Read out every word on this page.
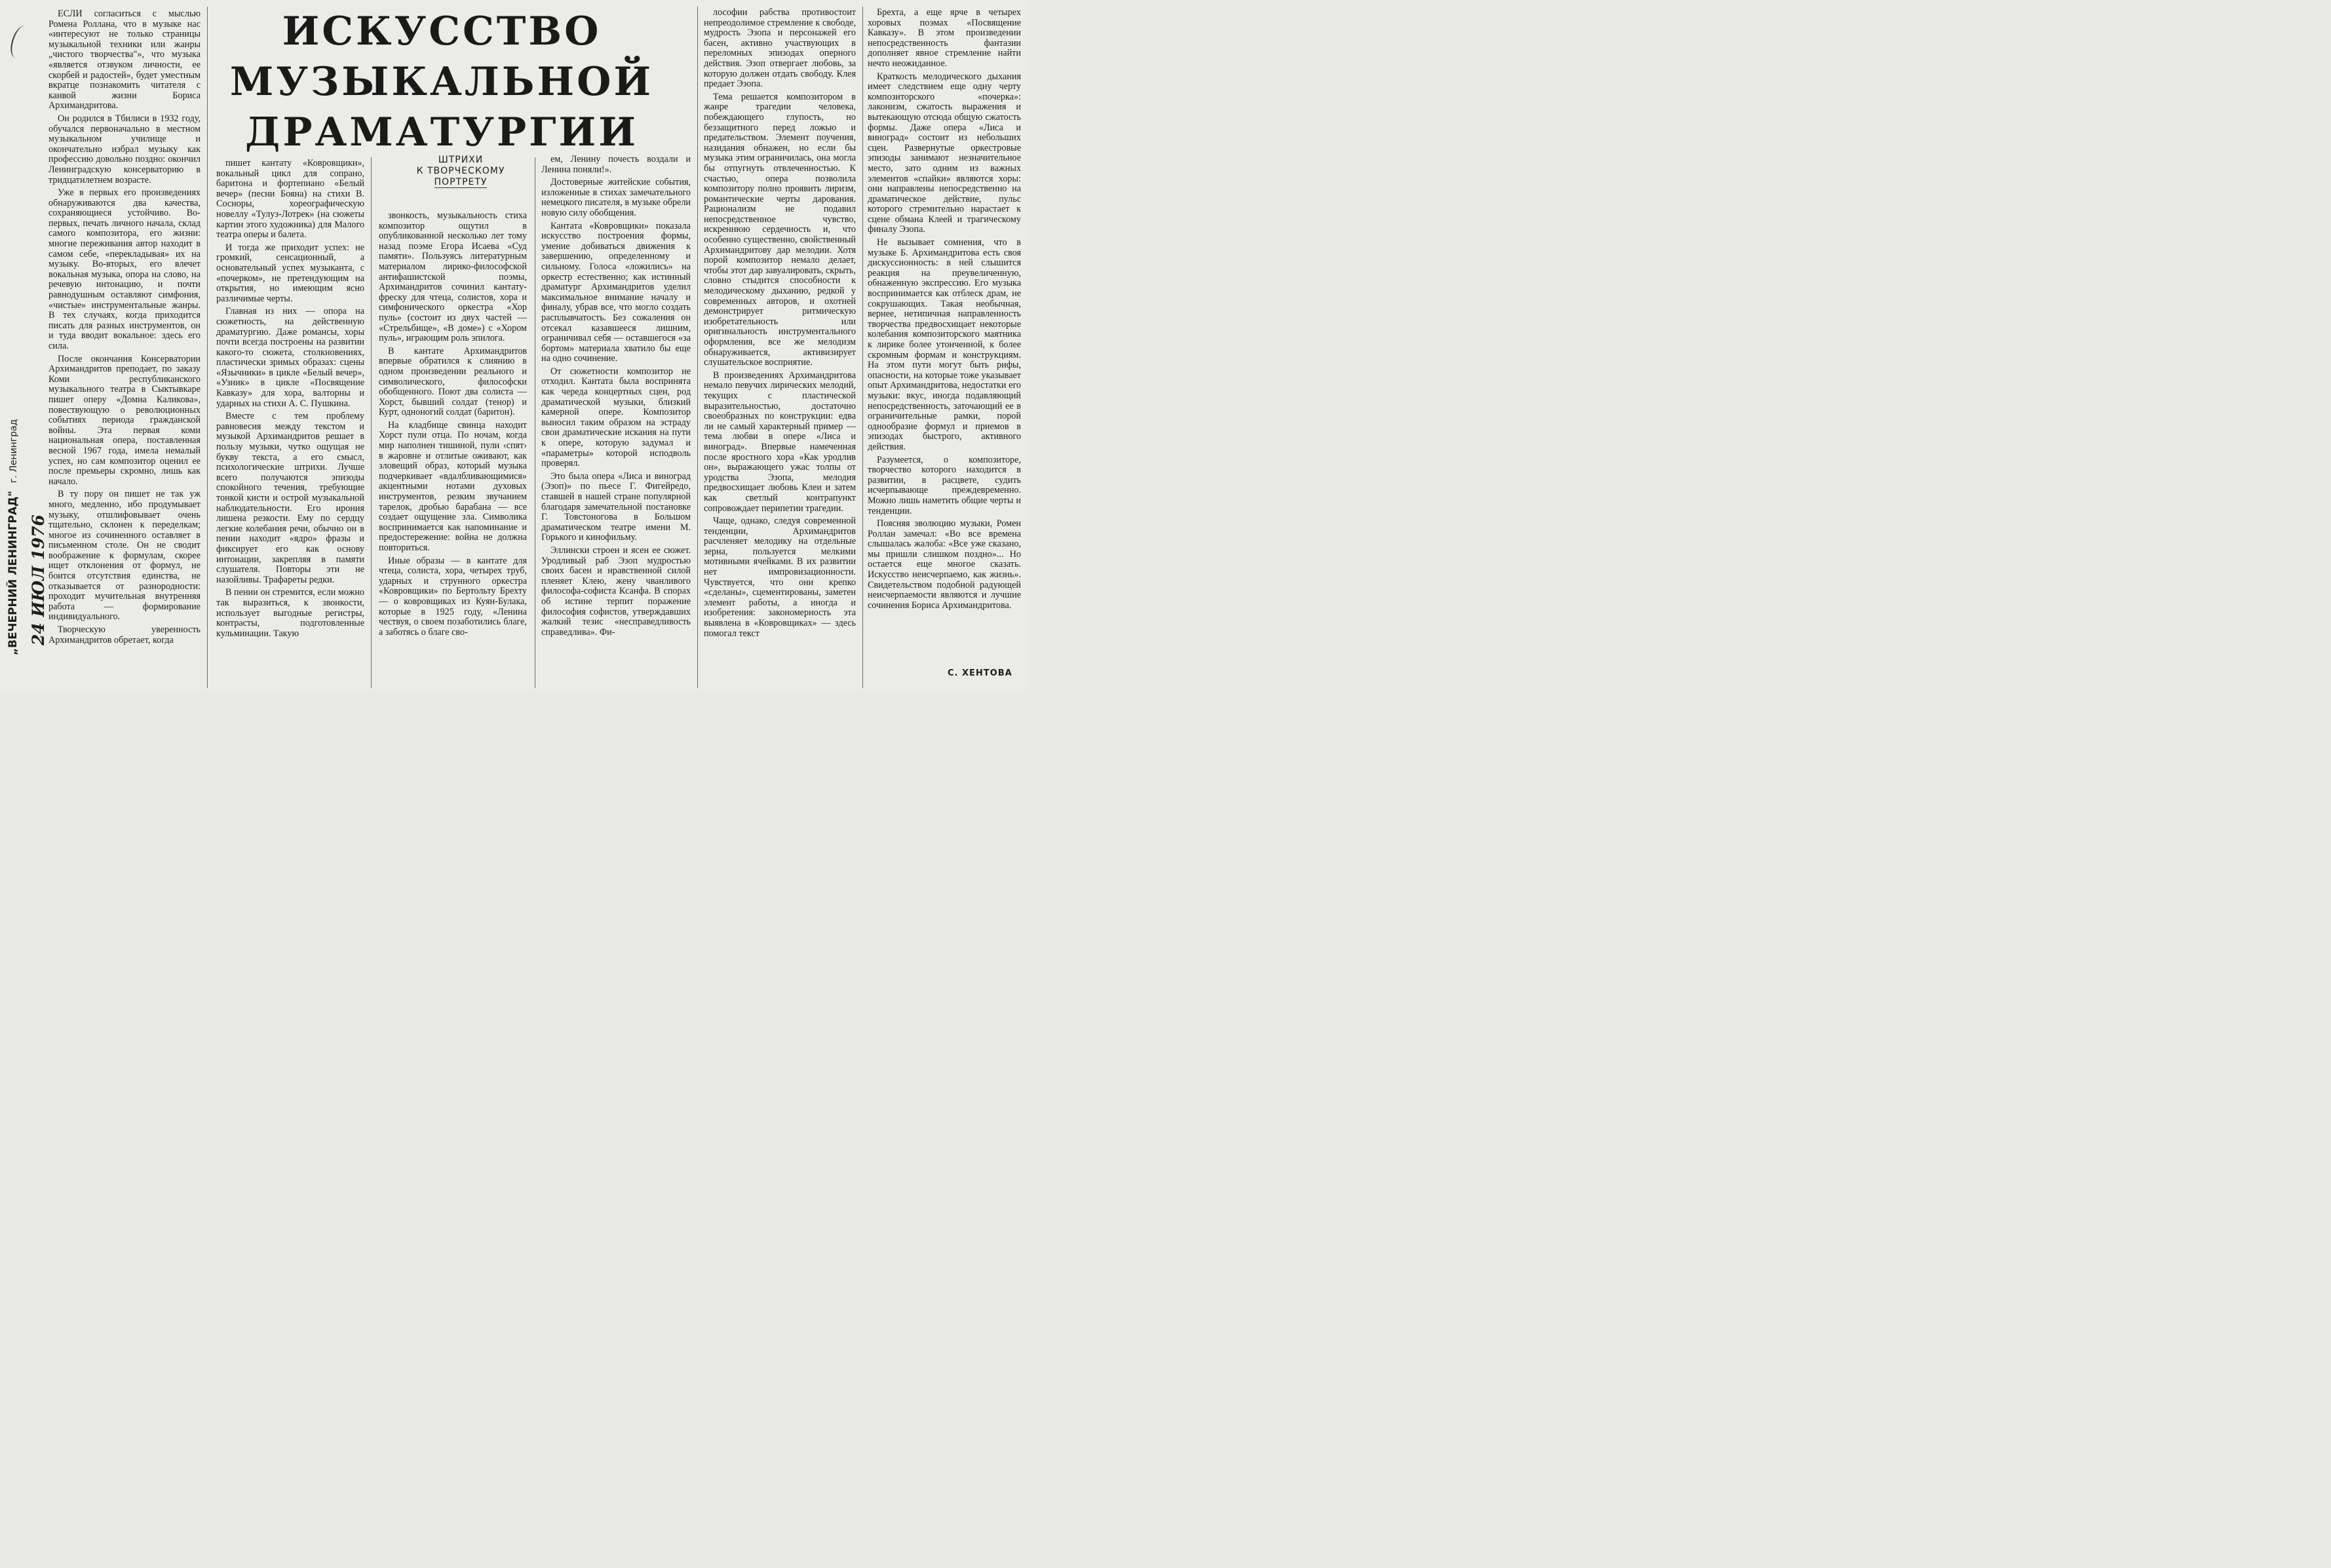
„ВЕЧЕРНИЙ ЛЕНИНГРАД" г. Ленинград
24 ИЮЛ 1976

ЕСЛИ согласиться с мыслью Ромена Роллана, что в музыке нас «интересуют не только страницы музыкальной техники или жанры „чистого творчества"», что музыка «является отзвуком личности, ее скорбей и радостей», будет уместным вкратце познакомить читателя с канвой жизни Бориса Архимандритова.

Он родился в Тбилиси в 1932 году, обучался первоначально в местном музыкальном училище и окончательно избрал музыку как профессию довольно поздно: окончил Ленинградскую консерваторию в тридцатилетнем возрасте.

Уже в первых его произведениях обнаруживаются два качества, сохраняющиеся устойчиво. Во-первых, печать личного начала, склад самого композитора, его жизни: многие переживания автор находит в самом себе, «перекладывая» их на музыку. Во-вторых, его влечет вокальная музыка, опора на слово, на речевую интонацию, и почти равнодушным оставляют симфония, «чистые» инструментальные жанры. В тех случаях, когда приходится писать для разных инструментов, он и туда вводит вокальное: здесь его сила.

После окончания Консерватории Архимандритов преподает, по заказу Коми республиканского музыкального театра в Сыктывкаре пишет оперу «Домна Каликова», повествующую о революционных событиях периода гражданской войны. Эта первая коми национальная опера, поставленная весной 1967 года, имела немалый успех, но сам композитор оценил ее после премьеры скромно, лишь как начало.

В ту пору он пишет не так уж много, медленно, ибо продумывает музыку, отшлифовывает очень тщательно, склонен к переделкам; многое из сочиненного оставляет в письменном столе. Он не сводит воображение к формулам, скорее ищет отклонения от формул, не боится отсутствия единства, не отказывается от разнородности: проходит мучительная внутренняя работа — формирование индивидуального.

Творческую уверенность Архимандритов обретает, когда

ИСКУССТВО
МУЗЫКАЛЬНОЙ
ДРАМАТУРГИИ
ШТРИХИ
К ТВОРЧЕСКОМУ
ПОРТРЕТУ

пишет кантату «Ковровщики», вокальный цикл для сопрано, баритона и фортепиано «Белый вечер» (песни Бояна) на стихи В. Сосноры, хореографическую новеллу «Тулуз-Лотрек» (на сюжеты картин этого художника) для Малого театра оперы и балета.

И тогда же приходит успех: не громкий, сенсационный, а основательный успех музыканта, с «почерком», не претендующим на открытия, но имеющим ясно различимые черты.

Главная из них — опора на сюжетность, на действенную драматургию. Даже романсы, хоры почти всегда построены на развитии какого-то сюжета, столкновениях, пластически зримых образах: сцены «Язычники» в цикле «Белый вечер», «Узник» в цикле «Посвящение Кавказу» для хора, валторны и ударных на стихи А. С. Пушкина.

Вместе с тем проблему равновесия между текстом и музыкой Архимандритов решает в пользу музыки, чутко ощущая не букву текста, а его смысл, психологические штрихи. Лучше всего получаются эпизоды спокойного течения, требующие тонкой кисти и острой музыкальной наблюдательности. Его ирония лишена резкости. Ему по сердцу легкие колебания речи, обычно он в пении находит «ядро» фразы и фиксирует его как основу интонации, закрепляя в памяти слушателя. Повторы эти не назойливы. Трафареты редки.

В пении он стремится, если можно так выразиться, к звонкости, использует выгодные регистры, контрасты, подготовленные кульминации. Такую

звонкость, музыкальность стиха композитор ощутил в опубликованной несколько лет тому назад поэме Егора Исаева «Суд памяти». Пользуясь литературным материалом лирико-философской антифашистской поэмы, Архимандритов сочинил кантату-фреску для чтеца, солистов, хора и симфонического оркестра «Хор пуль» (состоит из двух частей — «Стрельбище», «В доме») с «Хором пуль», играющим роль эпилога.

В кантате Архимандритов впервые обратился к слиянию в одном произведении реального и символического, философски обобщенного. Поют два солиста — Хорст, бывший солдат (тенор) и Курт, одноногий солдат (баритон).

На кладбище свинца находит Хорст пули отца. По ночам, когда мир наполнен тишиной, пули ‹спят› в жаровне и отлитые оживают, как зловещий образ, который музыка подчеркивает «вдалбливающимися» акцентными нотами духовых инструментов, резким звучанием тарелок, дробью барабана — все создает ощущение зла. Символика воспринимается как напоминание и предостережение: война не должна повториться.

Иные образы — в кантате для чтеца, солиста, хора, четырех труб, ударных и струнного оркестра «Ковровщики» по Бертольту Брехту — о ковровщиках из Куян-Булака, которые в 1925 году, «Ленина чествуя, о своем позаботились благе, а заботясь о благе сво-

ем, Ленину почесть воздали и Ленина поняли!».

Достоверные житейские события, изложенные в стихах замечательного немецкого писателя, в музыке обрели новую силу обобщения.

Кантата «Ковровщики» показала искусство построения формы, умение добиваться движения к завершению, определенному и сильному. Голоса «ложились» на оркестр естественно; как истинный драматург Архимандритов уделил максимальное внимание началу и финалу, убрав все, что могло создать расплывчатость. Без сожаления он отсекал казавшееся лишним, ограничивал себя — оставшегося «за бортом» материала хватило бы еще на одно сочинение.

От сюжетности композитор не отходил. Кантата была воспринята как череда концертных сцен, род драматической музыки, близкий камерной опере. Композитор выносил таким образом на эстраду свои драматические искания на пути к опере, которую задумал и «параметры» которой исподволь проверял.

Это была опера «Лиса и виноград (Эзоп)» по пьесе Г. Фигейредо, ставшей в нашей стране популярной благодаря замечательной постановке Г. Товстоногова в Большом драматическом театре имени М. Горького и кинофильму.

Эллински строен и ясен ее сюжет. Уродливый раб Эзоп мудростью своих басен и нравственной силой пленяет Клею, жену чванливого философа-софиста Ксанфа. В спорах об истине терпит поражение философия софистов, утверждавших жалкий тезис «несправедливость справедлива». Фи-

лософии рабства противостоит непреодолимое стремление к свободе, мудрость Эзопа и персонажей его басен, активно участвующих в переломных эпизодах оперного действия. Эзоп отвергает любовь, за которую должен отдать свободу. Клея предает Эзопа.

Тема решается композитором в жанре трагедии человека, побеждающего глупость, но беззащитного перед ложью и предательством. Элемент поучения, назидания обнажен, но если бы музыка этим ограничилась, она могла бы отпугнуть отвлеченностью. К счастью, опера позволила композитору полно проявить лиризм, романтические черты дарования. Рационализм не подавил непосредственное чувство, искреннюю сердечность и, что особенно существенно, свойственный Архимандритову дар мелодии. Хотя порой композитор немало делает, чтобы этот дар завуалировать, скрыть, словно стыдится способности к мелодическому дыханию, редкой у современных авторов, и охотней демонстрирует ритмическую изобретательность или оригинальность инструментального оформления, все же мелодизм обнаруживается, активизирует слушательское восприятие.

В произведениях Архимандритова немало певучих лирических мелодий, текущих с пластической выразительностью, достаточно своеобразных по конструкции: едва ли не самый характерный пример — тема любви в опере «Лиса и виноград». Впервые намеченная после яростного хора «Как уродлив он», выражающего ужас толпы от уродства Эзопа, мелодия предвосхищает любовь Клеи и затем как светлый контрапункт сопровождает перипетии трагедии.

Чаще, однако, следуя современной тенденции, Архимандритов расчленяет мелодику на отдельные зерна, пользуется мелкими мотивными ячейками. В их развитии нет импровизационности. Чувствуется, что они крепко «сделаны», сцементированы, заметен элемент работы, а иногда и изобретения: закономерность эта выявлена в «Ковровщиках» — здесь помогал текст

Брехта, а еще ярче в четырех хоровых поэмах «Посвящение Кавказу». В этом произведении непосредственность фантазии дополняет явное стремление найти нечто неожиданное.

Краткость мелодического дыхания имеет следствием еще одну черту композиторского «почерка»: лаконизм, сжатость выражения и вытекающую отсюда общую сжатость формы. Даже опера «Лиса и виноград» состоит из небольших сцен. Развернутые оркестровые эпизоды занимают незначительное место, зато одним из важных элементов «спайки» являются хоры: они направлены непосредственно на драматическое действие, пульс которого стремительно нарастает к сцене обмана Клеей и трагическому финалу Эзопа.

Не вызывает сомнения, что в музыке Б. Архимандритова есть своя дискуссионность: в ней слышится реакция на преувеличенную, обнаженную экспрессию. Его музыка воспринимается как отблеск драм, не сокрушающих. Такая необычная, вернее, нетипичная направленность творчества предвосхищает некоторые колебания композиторского маятника к лирике более утонченной, к более скромным формам и конструкциям. На этом пути могут быть рифы, опасности, на которые тоже указывает опыт Архимандритова, недостатки его музыки: вкус, иногда подавляющий непосредственность, заточающий ее в ограничительные рамки, порой однообразие формул и приемов в эпизодах быстрого, активного действия.

Разумеется, о композиторе, творчество которого находится в развитии, в расцвете, судить исчерпывающе преждевременно. Можно лишь наметить общие черты и тенденции.

Поясняя эволюцию музыки, Ромен Роллан замечал: «Во все времена слышалась жалоба: «Все уже сказано, мы пришли слишком поздно»... Но остается еще многое сказать. Искусство неисчерпаемо, как жизнь». Свидетельством подобной радующей неисчерпаемости являются и лучшие сочинения Бориса Архимандритова.

С. ХЕНТОВА
